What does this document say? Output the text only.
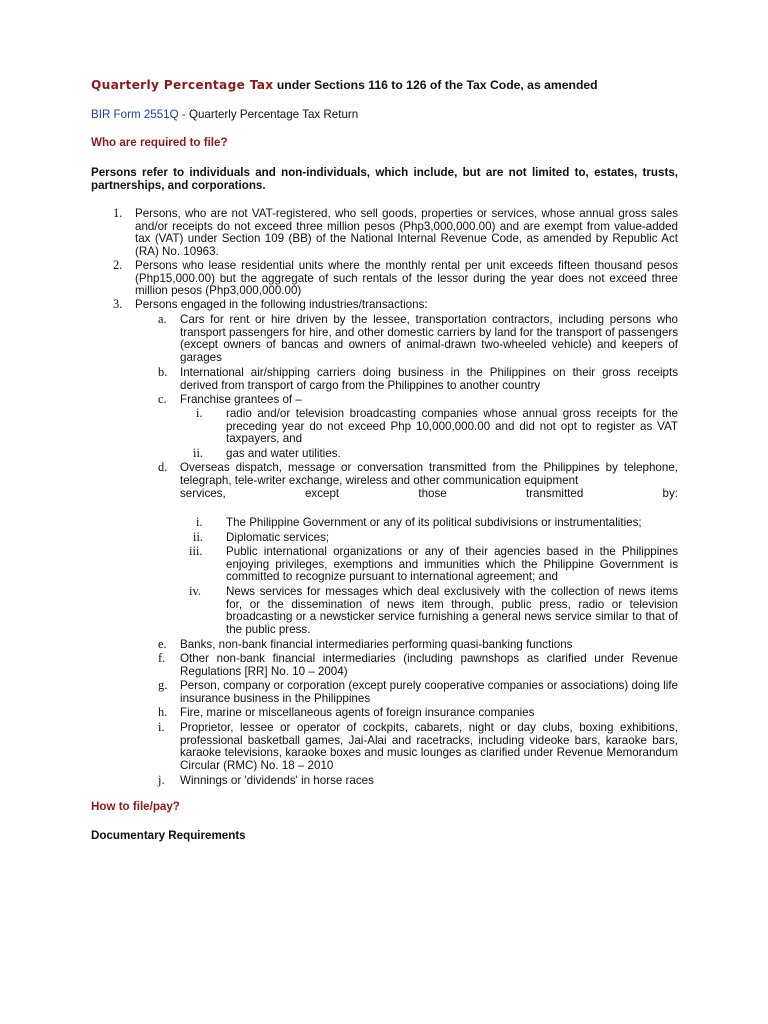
Quarterly Percentage Tax under Sections 116 to 126 of the Tax Code, as amended
BIR Form 2551Q - Quarterly Percentage Tax Return
Who are required to file?
Persons refer to individuals and non-individuals, which include, but are not limited to, estates, trusts, partnerships, and corporations.
1. Persons, who are not VAT-registered, who sell goods, properties or services, whose annual gross sales and/or receipts do not exceed three million pesos (Php3,000,000.00) and are exempt from value-added tax (VAT) under Section 109 (BB) of the National Internal Revenue Code, as amended by Republic Act (RA) No. 10963.
2. Persons who lease residential units where the monthly rental per unit exceeds fifteen thousand pesos (Php15,000.00) but the aggregate of such rentals of the lessor during the year does not exceed three million pesos (Php3,000,000.00)
3. Persons engaged in the following industries/transactions:
a. Cars for rent or hire driven by the lessee, transportation contractors, including persons who transport passengers for hire, and other domestic carriers by land for the transport of passengers (except owners of bancas and owners of animal-drawn two-wheeled vehicle) and keepers of garages
b. International air/shipping carriers doing business in the Philippines on their gross receipts derived from transport of cargo from the Philippines to another country
c. Franchise grantees of –
i. radio and/or television broadcasting companies whose annual gross receipts for the preceding year do not exceed Php 10,000,000.00 and did not opt to register as VAT taxpayers, and
ii. gas and water utilities.
d. Overseas dispatch, message or conversation transmitted from the Philippines by telephone, telegraph, tele-writer exchange, wireless and other communication equipment
services,	except	those	transmitted	by:
i. The Philippine Government or any of its political subdivisions or instrumentalities;
ii. Diplomatic services;
iii. Public international organizations or any of their agencies based in the Philippines enjoying privileges, exemptions and immunities which the Philippine Government is committed to recognize pursuant to international agreement; and
iv. News services for messages which deal exclusively with the collection of news items for, or the dissemination of news item through, public press, radio or television broadcasting or a newsticker service furnishing a general news service similar to that of the public press.
e. Banks, non-bank financial intermediaries performing quasi-banking functions
f. Other non-bank financial intermediaries (including pawnshops as clarified under Revenue Regulations [RR] No. 10 – 2004)
g. Person, company or corporation (except purely cooperative companies or associations) doing life insurance business in the Philippines
h. Fire, marine or miscellaneous agents of foreign insurance companies
i. Proprietor, lessee or operator of cockpits, cabarets, night or day clubs, boxing exhibitions, professional basketball games, Jai-Alai and racetracks, including videoke bars, karaoke bars, karaoke televisions, karaoke boxes and music lounges as clarified under Revenue Memorandum Circular (RMC) No. 18 – 2010
j. Winnings or 'dividends' in horse races
How to file/pay?
Documentary Requirements
